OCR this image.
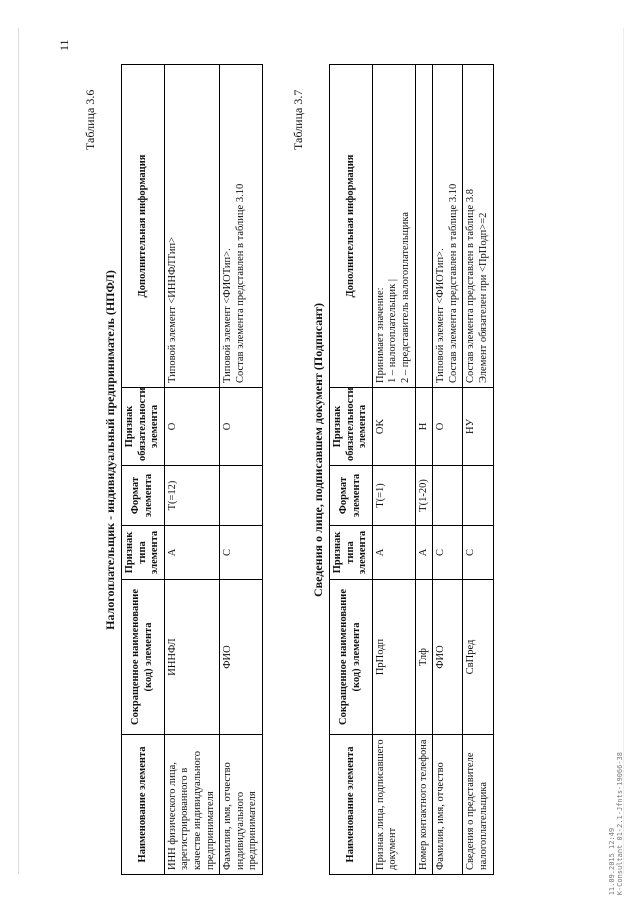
11
Таблица 3.6
Налогоплательщик - индивидуальный предприниматель (НПФЛ)
Наименование элемента	Сокращенное наименование (код) элемента	Признак типа элемента	Формат элемента	Признак обязательности элемента	Дополнительная информация
ИНН физического лица, зарегистрированного в качестве индивидуального предпринимателя	ИННФЛ	A	T(=12)	O	Типовой элемент <ИННФЛТип>

Фамилия, имя, отчество индивидуального предпринимателя	ФИО	C		O	Типовой элемент <ФИОТип>. Состав элемента представлен в таблице 3.10
Таблица 3.7
Сведения о лице, подписавшем документ (Подписант)
Наименование элемента	Сокращенное наименование (код) элемента	Признак типа элемента	Формат элемента	Признак обязательности элемента	Дополнительная информация
Признак лица, подписавшего документ	ПрПодп	A	T(=1)	OK	Принимает значение: 1 – налогоплательщик | 2 – представитель налогоплательщика

Номер контактного телефона	Тлф	A	T(1-20)	H	
Фамилия, имя, отчество	ФИО	C		O	Типовой элемент <ФИОТип>. Состав элемента представлен в таблице 3.10

Сведения о представителе налогоплательщика	СвПред	C		НУ	Состав элемента представлен в таблице 3.8 Элемент обязателен при <ПрПодп>=2
11.09.2015 12:49 К-Consultant 01-2.1-Jfnts-19066-38
